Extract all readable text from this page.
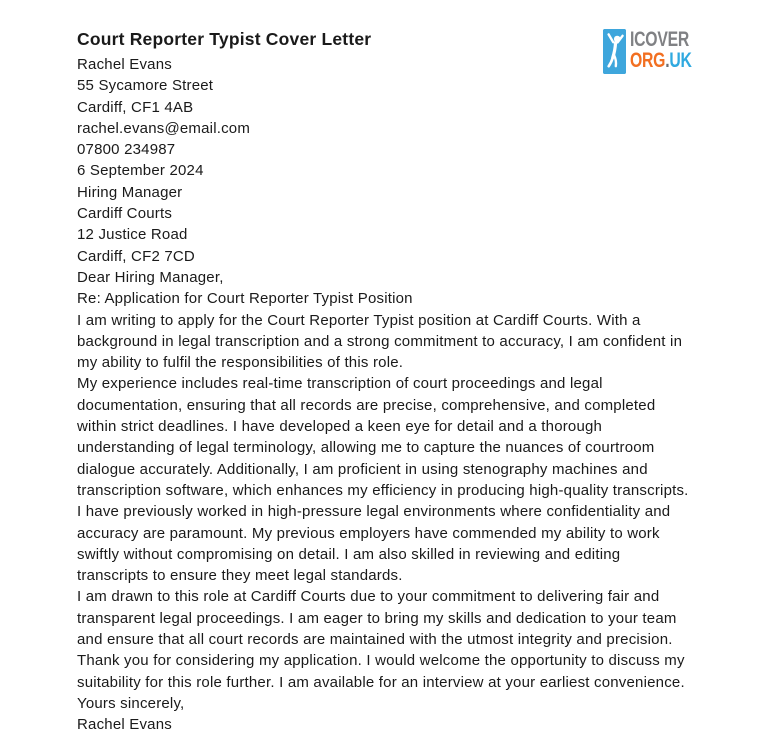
ICOVER
ORG.UK
Court Reporter Typist Cover Letter
Rachel Evans
55 Sycamore Street
Cardiff, CF1 4AB
rachel.evans@email.com
07800 234987
6 September 2024
Hiring Manager
Cardiff Courts
12 Justice Road
Cardiff, CF2 7CD
Dear Hiring Manager,
Re: Application for Court Reporter Typist Position

I am writing to apply for the Court Reporter Typist position at Cardiff Courts. With a background in legal transcription and a strong commitment to accuracy, I am confident in my ability to fulfil the responsibilities of this role.

My experience includes real-time transcription of court proceedings and legal documentation, ensuring that all records are precise, comprehensive, and completed within strict deadlines. I have developed a keen eye for detail and a thorough understanding of legal terminology, allowing me to capture the nuances of courtroom dialogue accurately. Additionally, I am proficient in using stenography machines and transcription software, which enhances my efficiency in producing high-quality transcripts.

I have previously worked in high-pressure legal environments where confidentiality and accuracy are paramount. My previous employers have commended my ability to work swiftly without compromising on detail. I am also skilled in reviewing and editing transcripts to ensure they meet legal standards.

I am drawn to this role at Cardiff Courts due to your commitment to delivering fair and transparent legal proceedings. I am eager to bring my skills and dedication to your team and ensure that all court records are maintained with the utmost integrity and precision.

Thank you for considering my application. I would welcome the opportunity to discuss my suitability for this role further. I am available for an interview at your earliest convenience.

Yours sincerely,
Rachel Evans
